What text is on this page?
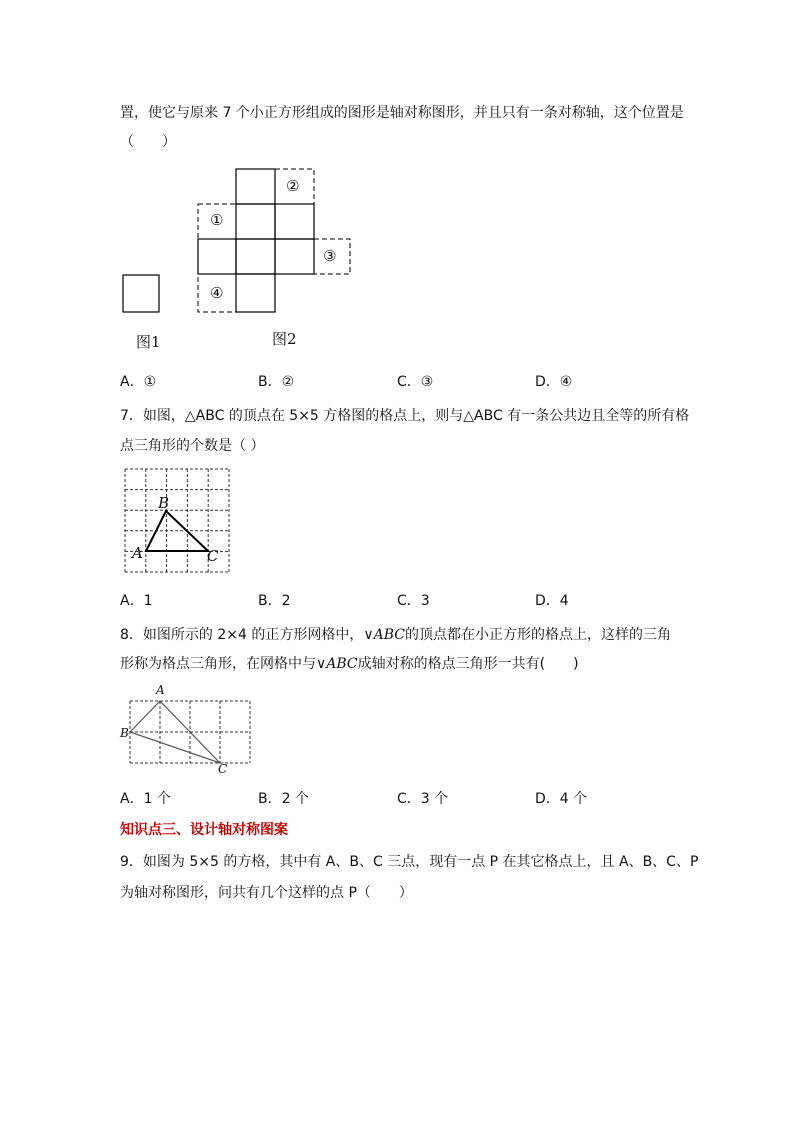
置，使它与原来 7 个小正方形组成的图形是轴对称图形，并且只有一条对称轴，这个位置是
（　　）
图1
①
②
③
④
图2
A．①	B．②	C．③	D．④
7．如图，△ABC 的顶点在 5×5 方格图的格点上，则与△ABC 有一条公共边且全等的所有格
点三角形的个数是（ ）
B
A	C
A．1	B．2	C．3	D．4
8．如图所示的 2×4 的正方形网格中，∨ABC的顶点都在小正方形的格点上，这样的三角
形称为格点三角形，在网格中与∨ABC成轴对称的格点三角形一共有(　　)
A
B
C
A．1 个	B．2 个	C．3 个	D．4 个
知识点三、设计轴对称图案
9．如图为 5×5 的方格，其中有 A、B、C 三点，现有一点 P 在其它格点上，且 A、B、C、P
为轴对称图形，问共有几个这样的点 P（　　）
